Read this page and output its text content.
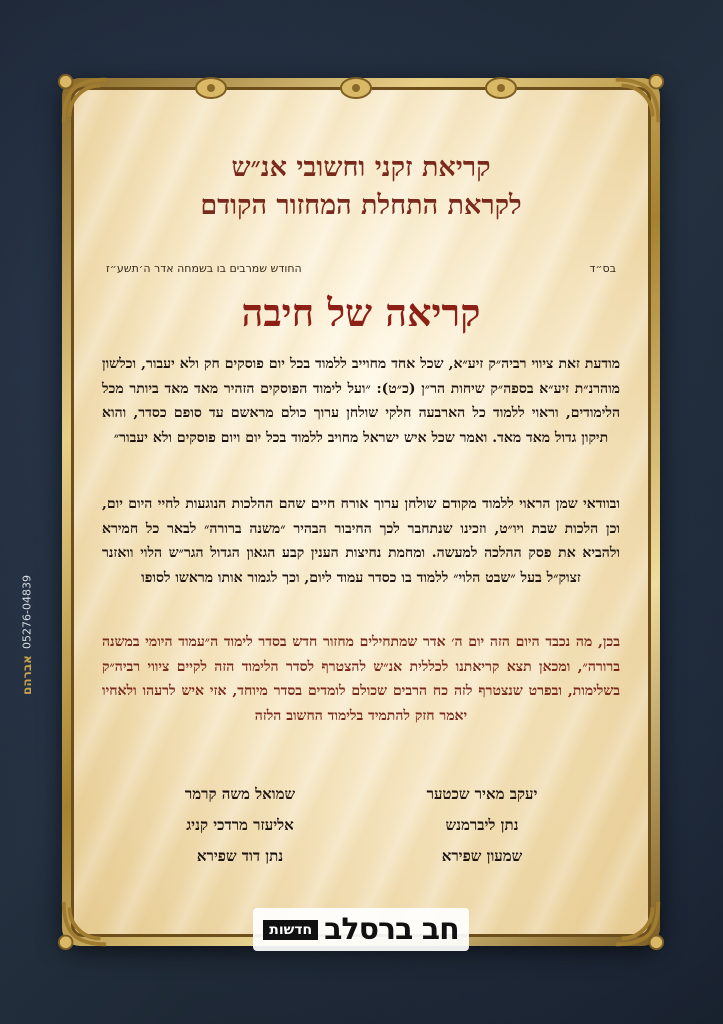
אברהם
05276-04839
קריאת זקני וחשובי אנ״ש
לקראת התחלת המחזור הקודם
בס״ד
החודש שמרבים בו בשמחה אדר ה׳תשע״ז
קריאה של חיבה
מודעת זאת ציווי רביה״ק זיע״א, שכל אחד מחוייב ללמוד בכל יום פוסקים חק ולא יעבור, וכלשון מוהרנ״ת זיע״א בספה״ק שיחות הר״ן (כ״ט): ״ועל לימוד הפוסקים הזהיר מאד מאד ביותר מכל הלימודים, וראוי ללמוד כל הארבעה חלקי שולחן ערוך כולם מראשם עד סופם כסדר, והוא תיקון גדול מאד מאד. ואמר שכל איש ישראל מחויב ללמוד בכל יום ויום פוסקים ולא יעבור״
ובוודאי שמן הראוי ללמוד מקודם שולחן ערוך אורח חיים שהם ההלכות הנוגעות לחיי היום יום, וכן הלכות שבת ויו״ט, וזכינו שנתחבר לכך החיבור הבהיר ״משנה ברורה״ לבאר כל חמירא ולהביא את פסק ההלכה למעשה. ומחמת נחיצות הענין קבע הגאון הגדול הגר״ש הלוי וואזנר זצוק״ל בעל ״שבט הלוי״ ללמוד בו כסדר עמוד ליום, וכך לגמור אותו מראשו לסופו
בכן, מה נכבד היום הזה יום ה׳ אדר שמתחילים מחזור חדש בסדר לימוד ה״עמוד היומי במשנה ברורה״, ומכאן תצא קריאתנו לכללית אנ״ש להצטרף לסדר הלימוד הזה לקיים ציווי רביה״ק בשלימות, ובפרט שנצטרף לזה כח הרבים שכולם לומדים בסדר מיוחד, אזי איש לרעהו ולאחיו יאמר חזק להתמיד בלימוד החשוב הלזה
יעקב מאיר שכטער
שמואל משה קרמר
נתן ליברמנש
אליעזר מרדכי קניג
שמעון שפירא
נתן דוד שפירא
חדשות חב ברסלב
